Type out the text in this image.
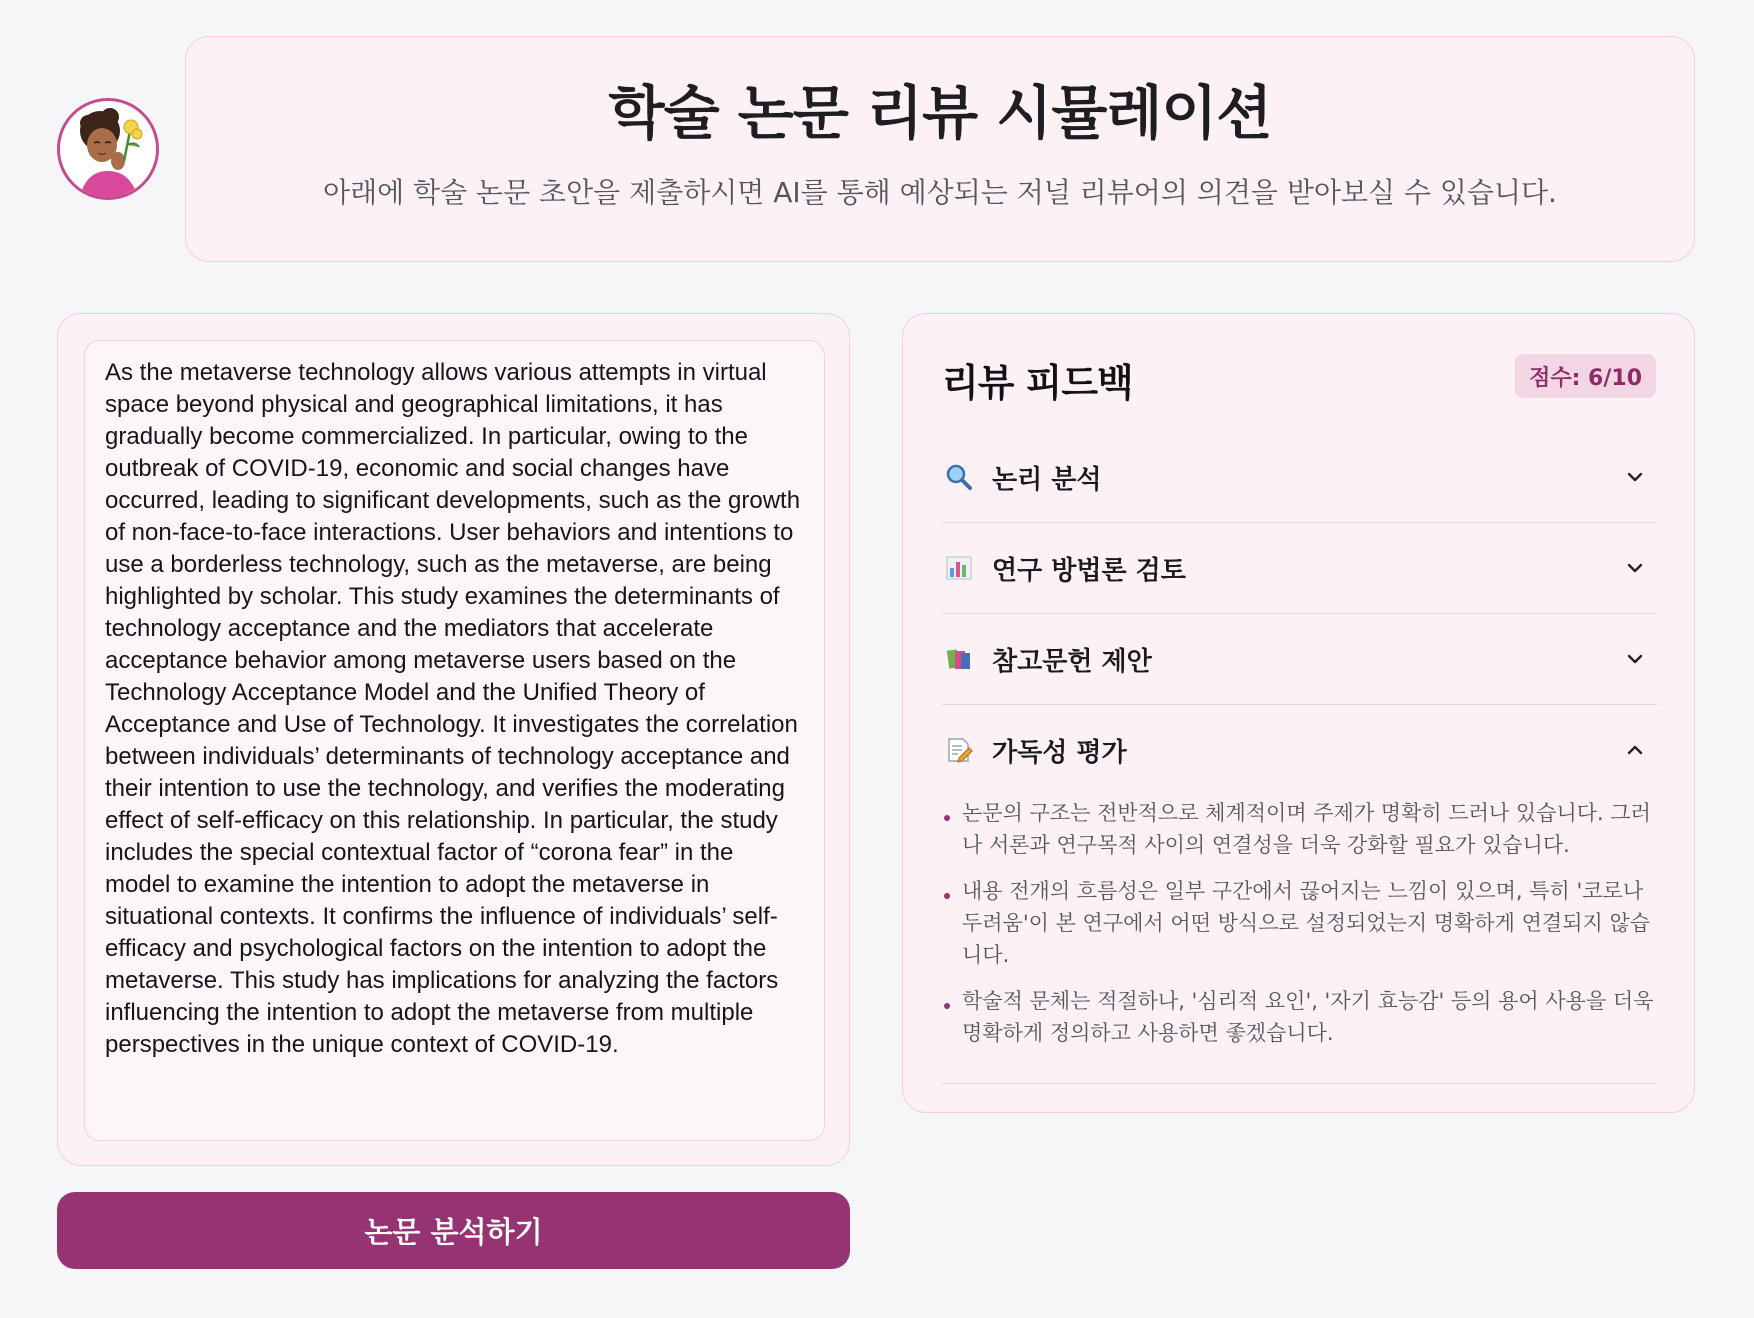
학술 논문 리뷰 시뮬레이션

아래에 학술 논문 초안을 제출하시면 AI를 통해 예상되는 저널 리뷰어의 의견을 받아보실 수 있습니다.

As the metaverse technology allows various attempts in virtual space beyond physical and geographical limitations, it has gradually become commercialized. In particular, owing to the outbreak of COVID-19, economic and social changes have occurred, leading to significant developments, such as the growth of non-face-to-face interactions. User behaviors and intentions to use a borderless technology, such as the metaverse, are being highlighted by scholar. This study examines the determinants of technology acceptance and the mediators that accelerate acceptance behavior among metaverse users based on the Technology Acceptance Model and the Unified Theory of Acceptance and Use of Technology. It investigates the correlation between individuals’ determinants of technology acceptance and their intention to use the technology, and verifies the moderating effect of self-efficacy on this relationship. In particular, the study includes the special contextual factor of “corona fear” in the model to examine the intention to adopt the metaverse in situational contexts. It confirms the influence of individuals’ self-efficacy and psychological factors on the intention to adopt the metaverse. This study has implications for analyzing the factors influencing the intention to adopt the metaverse from multiple perspectives in the unique context of COVID-19.

논문 분석하기
리뷰 피드백	점수: 6/10
논리 분석
연구 방법론 검토
참고문헌 제안
가독성 평가
논문의 구조는 전반적으로 체계적이며 주제가 명확히 드러나 있습니다. 그러나 서론과 연구목적 사이의 연결성을 더욱 강화할 필요가 있습니다.
내용 전개의 흐름성은 일부 구간에서 끊어지는 느낌이 있으며, 특히 '코로나 두려움'이 본 연구에서 어떤 방식으로 설정되었는지 명확하게 연결되지 않습니다.
학술적 문체는 적절하나, '심리적 요인', '자기 효능감' 등의 용어 사용을 더욱 명확하게 정의하고 사용하면 좋겠습니다.
